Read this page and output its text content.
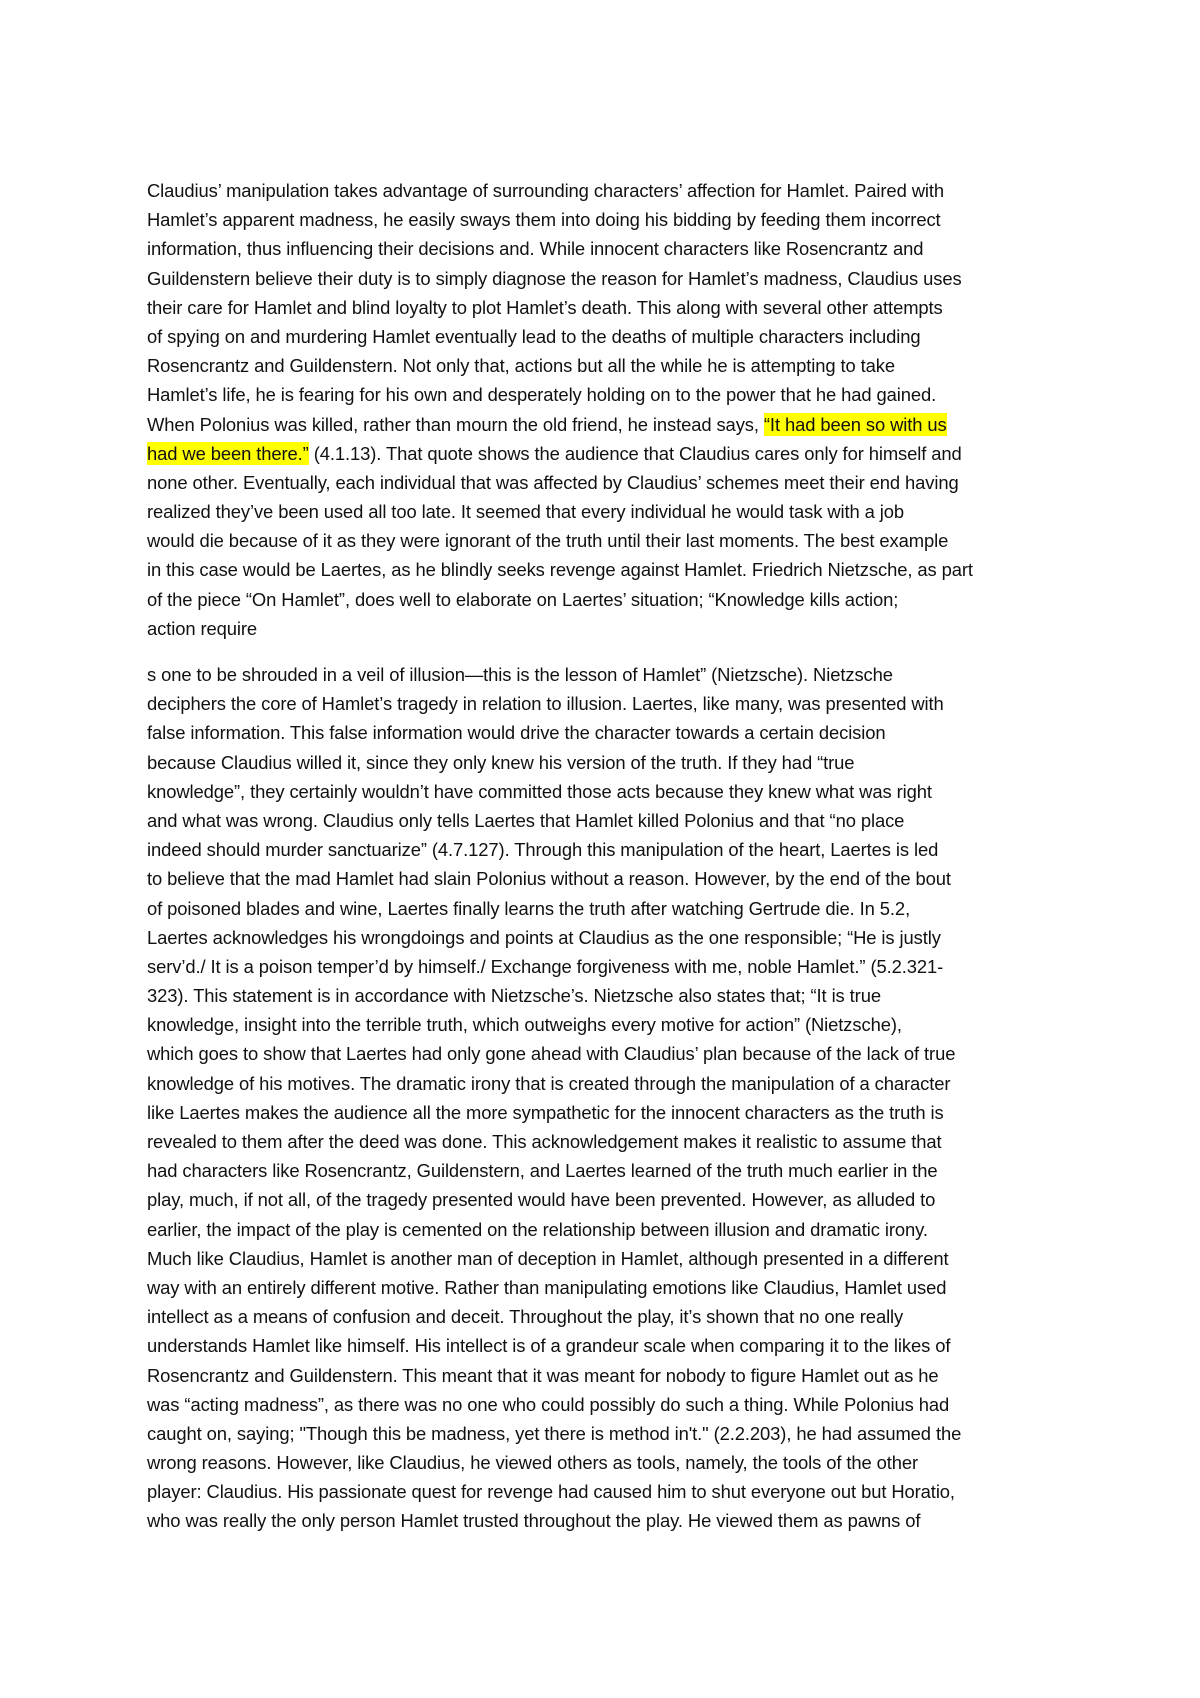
Claudius’ manipulation takes advantage of surrounding characters’ affection for Hamlet. Paired with
Hamlet’s apparent madness, he easily sways them into doing his bidding by feeding them incorrect
information, thus influencing their decisions and. While innocent characters like Rosencrantz and
Guildenstern believe their duty is to simply diagnose the reason for Hamlet’s madness, Claudius uses
their care for Hamlet and blind loyalty to plot Hamlet’s death. This along with several other attempts
of spying on and murdering Hamlet eventually lead to the deaths of multiple characters including
Rosencrantz and Guildenstern. Not only that, actions but all the while he is attempting to take
Hamlet’s life, he is fearing for his own and desperately holding on to the power that he had gained.
When Polonius was killed, rather than mourn the old friend, he instead says, “It had been so with us
had we been there.” (4.1.13). That quote shows the audience that Claudius cares only for himself and
none other. Eventually, each individual that was affected by Claudius’ schemes meet their end having
realized they’ve been used all too late. It seemed that every individual he would task with a job
would die because of it as they were ignorant of the truth until their last moments. The best example
in this case would be Laertes, as he blindly seeks revenge against Hamlet. Friedrich Nietzsche, as part
of the piece “On Hamlet”, does well to elaborate on Laertes’ situation; “Knowledge kills action;
action require
s one to be shrouded in a veil of illusion—this is the lesson of Hamlet” (Nietzsche). Nietzsche
deciphers the core of Hamlet’s tragedy in relation to illusion. Laertes, like many, was presented with
false information. This false information would drive the character towards a certain decision
because Claudius willed it, since they only knew his version of the truth. If they had “true
knowledge”, they certainly wouldn’t have committed those acts because they knew what was right
and what was wrong. Claudius only tells Laertes that Hamlet killed Polonius and that “no place
indeed should murder sanctuarize” (4.7.127). Through this manipulation of the heart, Laertes is led
to believe that the mad Hamlet had slain Polonius without a reason. However, by the end of the bout
of poisoned blades and wine, Laertes finally learns the truth after watching Gertrude die. In 5.2,
Laertes acknowledges his wrongdoings and points at Claudius as the one responsible; “He is justly
serv’d./ It is a poison temper’d by himself./ Exchange forgiveness with me, noble Hamlet.” (5.2.321-
323). This statement is in accordance with Nietzsche’s. Nietzsche also states that; “It is true
knowledge, insight into the terrible truth, which outweighs every motive for action” (Nietzsche),
which goes to show that Laertes had only gone ahead with Claudius’ plan because of the lack of true
knowledge of his motives. The dramatic irony that is created through the manipulation of a character
like Laertes makes the audience all the more sympathetic for the innocent characters as the truth is
revealed to them after the deed was done. This acknowledgement makes it realistic to assume that
had characters like Rosencrantz, Guildenstern, and Laertes learned of the truth much earlier in the
play, much, if not all, of the tragedy presented would have been prevented. However, as alluded to
earlier, the impact of the play is cemented on the relationship between illusion and dramatic irony.
Much like Claudius, Hamlet is another man of deception in Hamlet, although presented in a different
way with an entirely different motive. Rather than manipulating emotions like Claudius, Hamlet used
intellect as a means of confusion and deceit. Throughout the play, it’s shown that no one really
understands Hamlet like himself. His intellect is of a grandeur scale when comparing it to the likes of
Rosencrantz and Guildenstern. This meant that it was meant for nobody to figure Hamlet out as he
was “acting madness”, as there was no one who could possibly do such a thing. While Polonius had
caught on, saying; "Though this be madness, yet there is method in't." (2.2.203), he had assumed the
wrong reasons. However, like Claudius, he viewed others as tools, namely, the tools of the other
player: Claudius. His passionate quest for revenge had caused him to shut everyone out but Horatio,
who was really the only person Hamlet trusted throughout the play. He viewed them as pawns of
